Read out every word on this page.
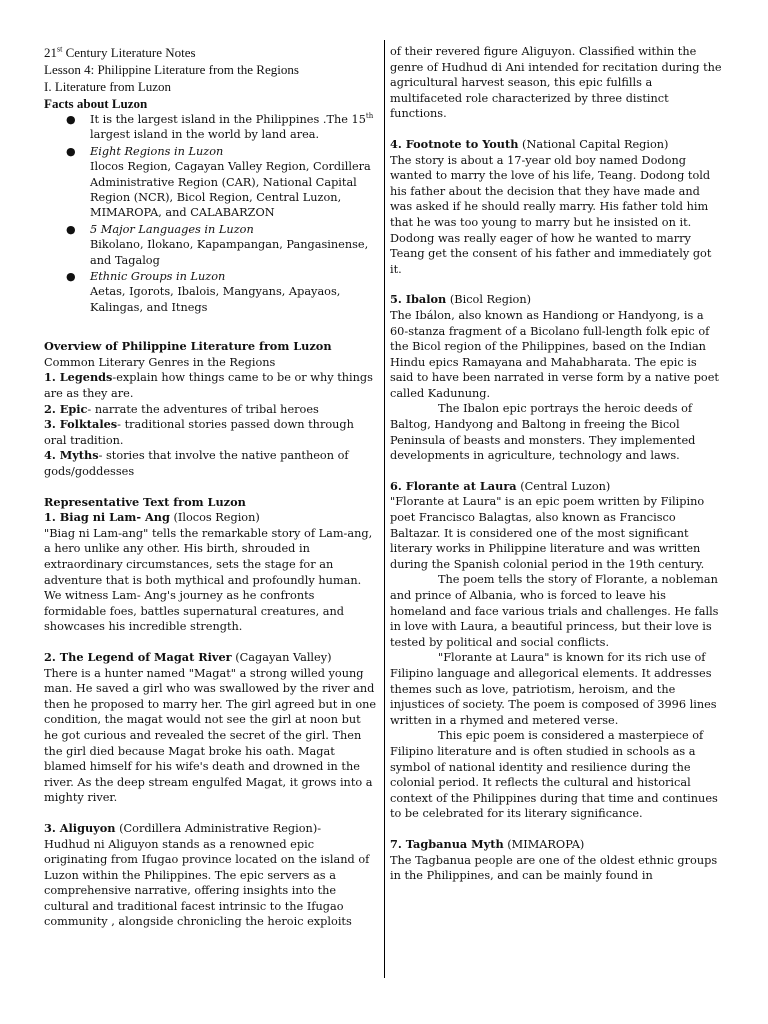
21st Century Literature Notes
Lesson 4: Philippine Literature from the Regions
I. Literature from Luzon
Facts about Luzon
● It is the largest island in the Philippines .The 15th largest island in the world by land area.
● Eight Regions in Luzon
Ilocos Region, Cagayan Valley Region, Cordillera Administrative Region (CAR), National Capital Region (NCR), Bicol Region, Central Luzon, MIMAROPA, and CALABARZON
● 5 Major Languages in Luzon
Bikolano, Ilokano, Kapampangan, Pangasinense, and Tagalog
● Ethnic Groups in Luzon
Aetas, Igorots, Ibalois, Mangyans, Apayaos, Kalingas, and Itnegs
Overview of Philippine Literature from Luzon
Common Literary Genres in the Regions
1. Legends-explain how things came to be or why things are as they are.
2. Epic- narrate the adventures of tribal heroes
3. Folktales- traditional stories passed down through oral tradition.
4. Myths- stories that involve the native pantheon of gods/goddesses
Representative Text from Luzon
1. Biag ni Lam- Ang (Ilocos Region)

"Biag ni Lam-ang" tells the remarkable story of Lam-ang, a hero unlike any other. His birth, shrouded in extraordinary circumstances, sets the stage for an adventure that is both mythical and profoundly human. We witness Lam- Ang's journey as he confronts formidable foes, battles supernatural creatures, and showcases his incredible strength.

2. The Legend of Magat River (Cagayan Valley)

There is a hunter named "Magat" a strong willed young man. He saved a girl who was swallowed by the river and then he proposed to marry her. The girl agreed but in one condition, the magat would not see the girl at noon but he got curious and revealed the secret of the girl. Then the girl died because Magat broke his oath. Magat blamed himself for his wife's death and drowned in the river. As the deep stream engulfed Magat, it grows into a mighty river.

3. Aliguyon (Cordillera Administrative Region)-

Hudhud ni Aliguyon stands as a renowned epic originating from Ifugao province located on the island of Luzon within the Philippines. The epic servers as a comprehensive narrative, offering insights into the cultural and traditional facest intrinsic to the Ifugao community , alongside chronicling the heroic exploits

of their revered figure Aliguyon. Classified within the genre of Hudhud di Ani intended for recitation during the agricultural harvest season, this epic fulfills a multifaceted role characterized by three distinct functions.

4. Footnote to Youth (National Capital Region)

The story is about a 17-year old boy named Dodong wanted to marry the love of his life, Teang. Dodong told his father about the decision that they have made and was asked if he should really marry. His father told him that he was too young to marry but he insisted on it. Dodong was really eager of how he wanted to marry Teang get the consent of his father and immediately got it.

5. Ibalon (Bicol Region)

The Ibálon, also known as Handiong or Handyong, is a 60-stanza fragment of a Bicolano full-length folk epic of the Bicol region of the Philippines, based on the Indian Hindu epics Ramayana and Mahabharata. The epic is said to have been narrated in verse form by a native poet called Kadunung.

The Ibalon epic portrays the heroic deeds of Baltog, Handyong and Baltong in freeing the Bicol Peninsula of beasts and monsters. They implemented developments in agriculture, technology and laws.

6. Florante at Laura (Central Luzon)

"Florante at Laura" is an epic poem written by Filipino poet Francisco Balagtas, also known as Francisco Baltazar. It is considered one of the most significant literary works in Philippine literature and was written during the Spanish colonial period in the 19th century.

The poem tells the story of Florante, a nobleman and prince of Albania, who is forced to leave his homeland and face various trials and challenges. He falls in love with Laura, a beautiful princess, but their love is tested by political and social conflicts.

"Florante at Laura" is known for its rich use of Filipino language and allegorical elements. It addresses themes such as love, patriotism, heroism, and the injustices of society. The poem is composed of 3996 lines written in a rhymed and metered verse.

This epic poem is considered a masterpiece of Filipino literature and is often studied in schools as a symbol of national identity and resilience during the colonial period. It reflects the cultural and historical context of the Philippines during that time and continues to be celebrated for its literary significance.

7. Tagbanua Myth (MIMAROPA)

The Tagbanua people are one of the oldest ethnic groups in the Philippines, and can be mainly found in
